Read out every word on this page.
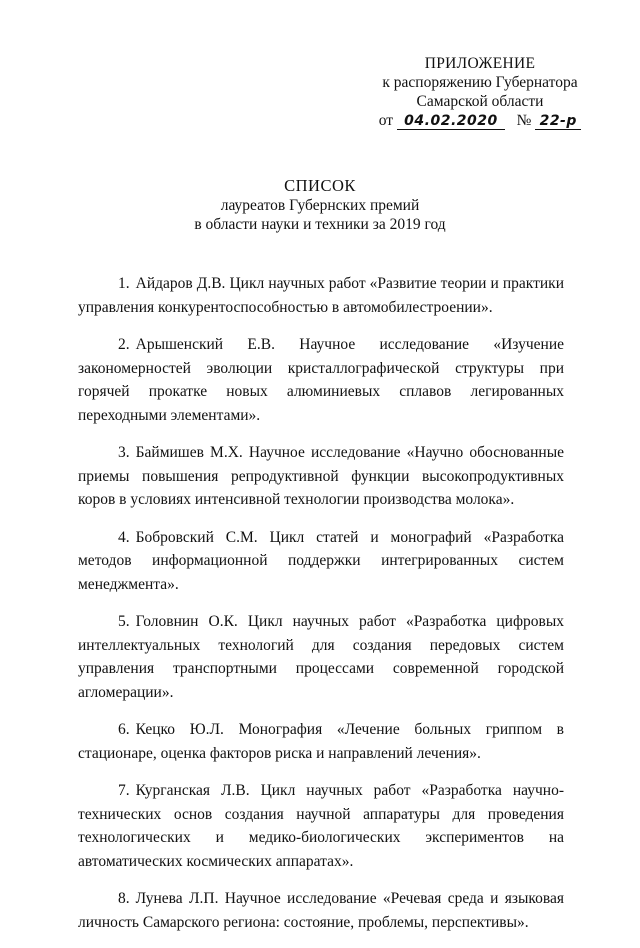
ПРИЛОЖЕНИЕ
к распоряжению Губернатора
Самарской области
от 04.02.2020 № 22-р
СПИСОК
лауреатов Губернских премий
в области науки и техники за 2019 год

1. Айдаров Д.В. Цикл научных работ «Развитие теории и практики управления конкурентоспособностью в автомобилестроении».

2. Арышенский Е.В. Научное исследование «Изучение закономерностей эволюции кристаллографической структуры при горячей прокатке новых алюминиевых сплавов легированных переходными элементами».

3. Баймишев М.Х. Научное исследование «Научно обоснованные приемы повышения репродуктивной функции высокопродуктивных коров в условиях интенсивной технологии производства молока».

4. Бобровский С.М. Цикл статей и монографий «Разработка методов информационной поддержки интегрированных систем менеджмента».

5. Головнин О.К. Цикл научных работ «Разработка цифровых интеллектуальных технологий для создания передовых систем управления транспортными процессами современной городской агломерации».

6. Кецко Ю.Л. Монография «Лечение больных гриппом в стационаре, оценка факторов риска и направлений лечения».

7. Курганская Л.В. Цикл научных работ «Разработка научно-технических основ создания научной аппаратуры для проведения технологических и медико-биологических экспериментов на автоматических космических аппаратах».

8. Лунева Л.П. Научное исследование «Речевая среда и языковая личность Самарского региона: состояние, проблемы, перспективы».
